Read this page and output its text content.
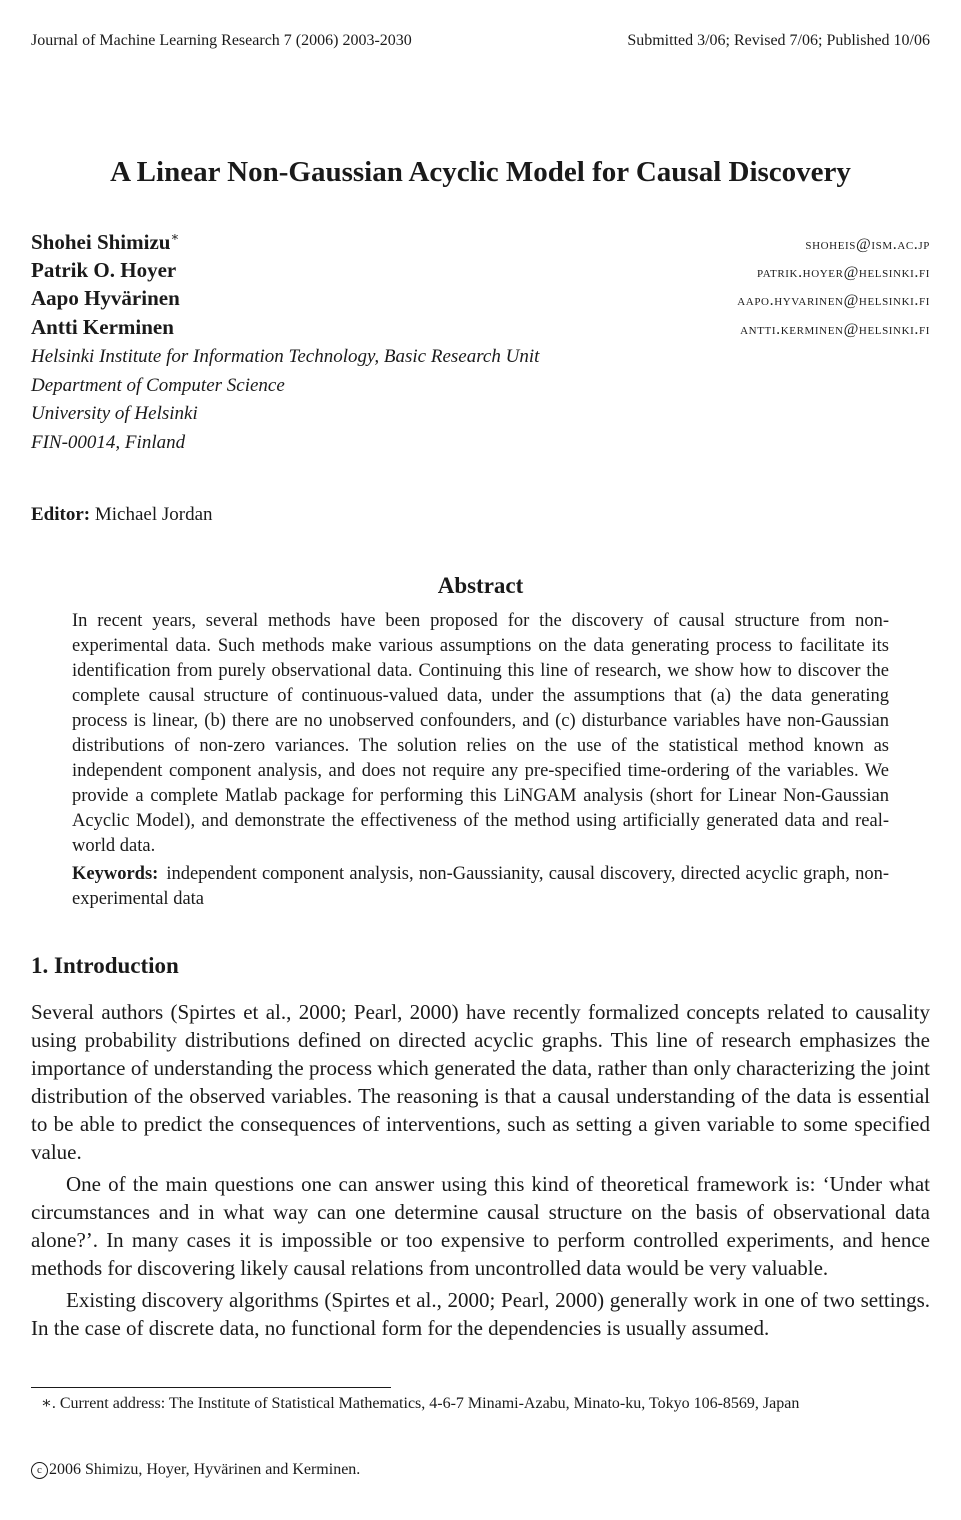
Journal of Machine Learning Research 7 (2006) 2003-2030	Submitted 3/06; Revised 7/06; Published 10/06
A Linear Non-Gaussian Acyclic Model for Causal Discovery
Shohei Shimizu∗	shoheis@ism.ac.jp
Patrik O. Hoyer	patrik.hoyer@helsinki.fi
Aapo Hyvärinen	aapo.hyvarinen@helsinki.fi
Antti Kerminen	antti.kerminen@helsinki.fi
Helsinki Institute for Information Technology, Basic Research Unit
Department of Computer Science
University of Helsinki
FIN-00014, Finland
Editor: Michael Jordan
Abstract
In recent years, several methods have been proposed for the discovery of causal structure from non-experimental data. Such methods make various assumptions on the data generating process to facilitate its identification from purely observational data. Continuing this line of research, we show how to discover the complete causal structure of continuous-valued data, under the assumptions that (a) the data generating process is linear, (b) there are no unobserved confounders, and (c) disturbance variables have non-Gaussian distributions of non-zero variances. The solution relies on the use of the statistical method known as independent component analysis, and does not require any pre-specified time-ordering of the variables. We provide a complete Matlab package for performing this LiNGAM analysis (short for Linear Non-Gaussian Acyclic Model), and demonstrate the effectiveness of the method using artificially generated data and real-world data.
Keywords: independent component analysis, non-Gaussianity, causal discovery, directed acyclic graph, non-experimental data
1. Introduction

Several authors (Spirtes et al., 2000; Pearl, 2000) have recently formalized concepts related to causality using probability distributions defined on directed acyclic graphs. This line of research emphasizes the importance of understanding the process which generated the data, rather than only characterizing the joint distribution of the observed variables. The reasoning is that a causal understanding of the data is essential to be able to predict the consequences of interventions, such as setting a given variable to some specified value.

One of the main questions one can answer using this kind of theoretical framework is: ‘Under what circumstances and in what way can one determine causal structure on the basis of observational data alone?’. In many cases it is impossible or too expensive to perform controlled experiments, and hence methods for discovering likely causal relations from uncontrolled data would be very valuable.

Existing discovery algorithms (Spirtes et al., 2000; Pearl, 2000) generally work in one of two settings. In the case of discrete data, no functional form for the dependencies is usually assumed.

∗. Current address: The Institute of Statistical Mathematics, 4-6-7 Minami-Azabu, Minato-ku, Tokyo 106-8569, Japan
c 2006 Shimizu, Hoyer, Hyvärinen and Kerminen.
